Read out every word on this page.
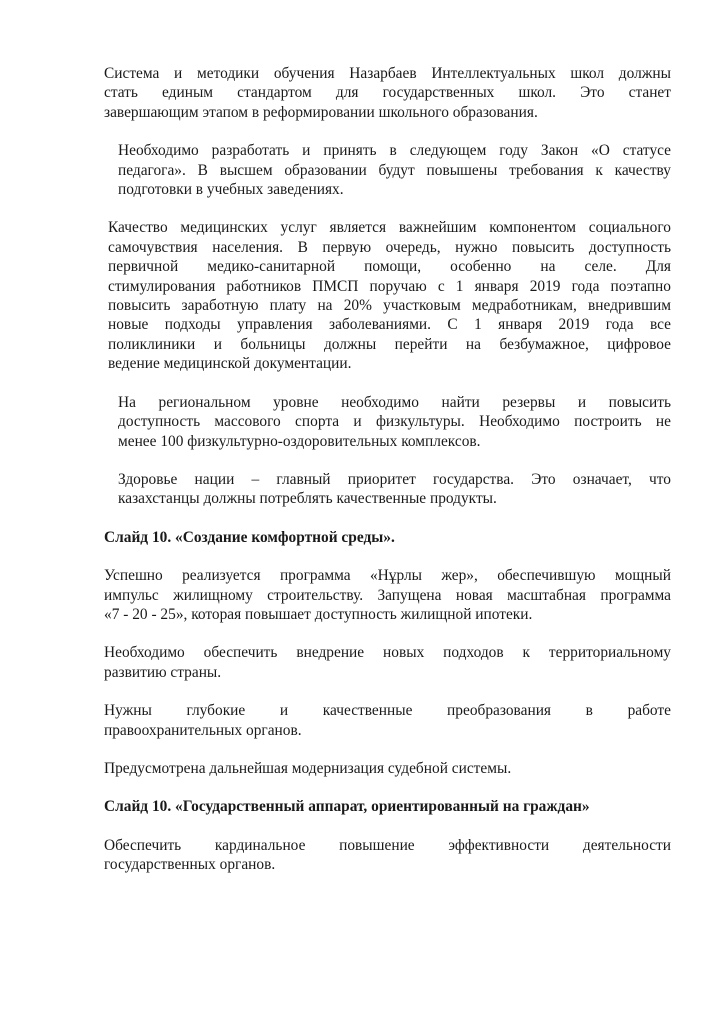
Система и методики обучения Назарбаев Интеллектуальных школ должны
стать единым стандартом для государственных школ. Это станет
завершающим этапом в реформировании школьного образования.
Необходимо разработать и принять в следующем году Закон «О статусе
педагога». В высшем образовании будут повышены требования к качеству
подготовки в учебных заведениях.
Качество медицинских услуг является важнейшим компонентом социального
самочувствия населения. В первую очередь, нужно повысить доступность
первичной медико-санитарной помощи, особенно на селе. Для
стимулирования работников ПМСП поручаю с 1 января 2019 года поэтапно
повысить заработную плату на 20% участковым медработникам, внедрившим
новые подходы управления заболеваниями. С 1 января 2019 года все
поликлиники и больницы должны перейти на безбумажное, цифровое
ведение медицинской документации.
На региональном уровне необходимо найти резервы и повысить
доступность массового спорта и физкультуры. Необходимо построить не
менее 100 физкультурно-оздоровительных комплексов.
Здоровье нации – главный приоритет государства. Это означает, что
казахстанцы должны потреблять качественные продукты.
Слайд 10. «Создание комфортной среды».
Успешно реализуется программа «Нұрлы жер», обеспечившую мощный
импульс жилищному строительству. Запущена новая масштабная программа
«7 - 20 - 25», которая повышает доступность жилищной ипотеки.
Необходимо обеспечить внедрение новых подходов к территориальному
развитию страны.
Нужны глубокие и качественные преобразования в работе
правоохранительных органов.
Предусмотрена дальнейшая модернизация судебной системы.
Слайд 10. «Государственный аппарат, ориентированный на граждан»
Обеспечить кардинальное повышение эффективности деятельности
государственных органов.
